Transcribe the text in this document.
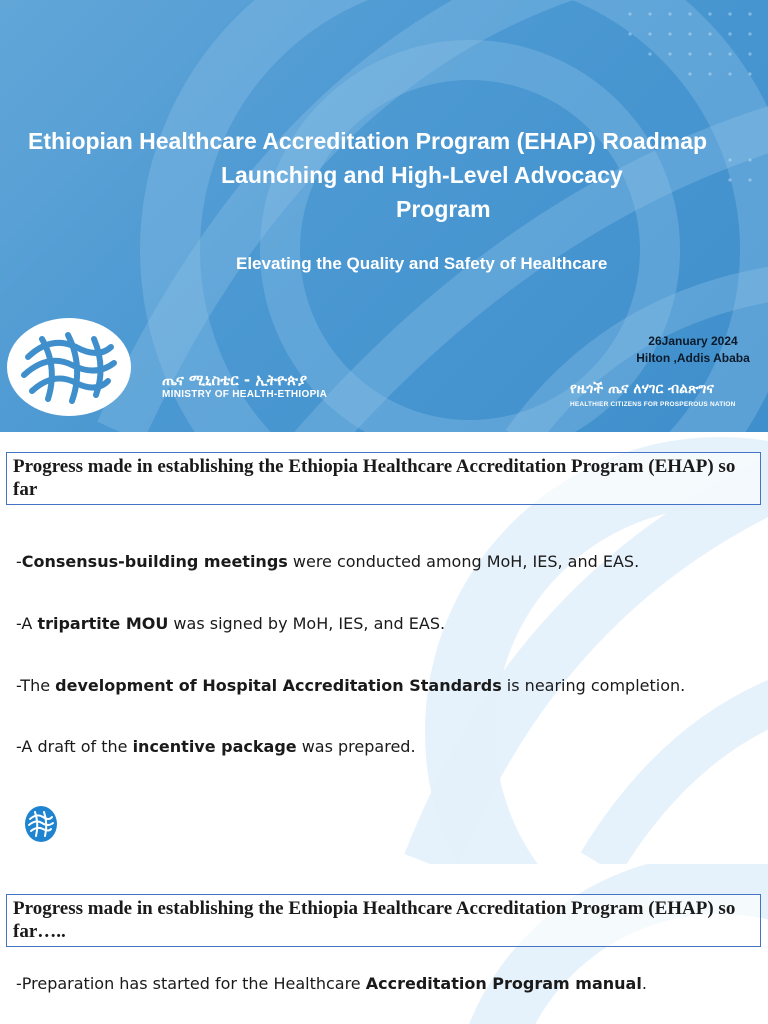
Ethiopian Healthcare Accreditation Program (EHAP) Roadmap
Launching and High-Level Advocacy
Program
Elevating the Quality and Safety of Healthcare
26January 2024
Hilton ,Addis Ababa
ጤና ሚኒስቴር - ኢትዮጵያ
MINISTRY OF HEALTH-ETHIOPIA	የዜጎች ጤና ለሃገር ብልጽግና
HEALTHIER CITIZENS FOR PROSPEROUS NATION
Progress made in establishing the Ethiopia Healthcare Accreditation Program (EHAP) so far
-Consensus-building meetings were conducted among MoH, IES, and EAS.
-A tripartite MOU was signed by MoH, IES, and EAS.
-The development of Hospital Accreditation Standards is nearing completion.
-A draft of the incentive package was prepared.
Progress made in establishing the Ethiopia Healthcare Accreditation Program (EHAP) so far…..
-Preparation has started for the Healthcare Accreditation Program manual.
